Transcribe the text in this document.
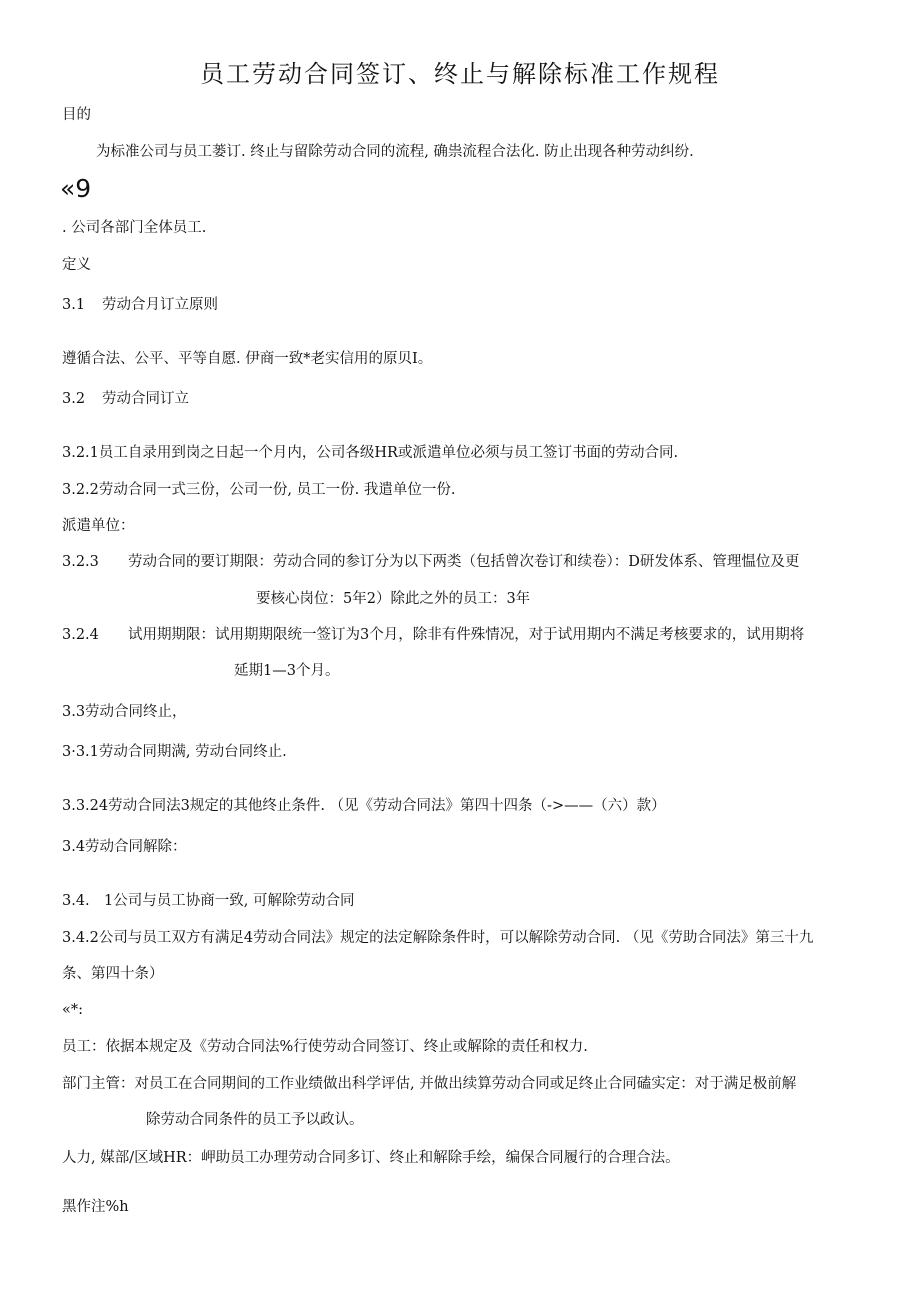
员工劳动合同签订、终止与解除标准工作规程
目的
为标准公司与员工蒌订. 终止与留除劳动合同的流程, 确祟流程合法化. 防止出现各种劳动纠纷.
«9
. 公司各部门全体员工.
定义
3.1 劳动合月订立原则
遵循合法、公平、平等自愿. 伊商一致*老实信用的原贝I。
3.2 劳动合同订立
3.2.1员工自录用到岗之日起一个月内，公司各级HR或派遣单位必须与员工签订书面的劳动合同.
3.2.2劳动合同一式三份，公司一份, 员工一份. 我遣单位一份.
派遣单位：
3.2.3 劳动合同的要订期限：劳动合同的参订分为以下两类（包括曾次卷订和续卷）：D研发体系、管理愠位及更
要核心岗位：5年2）除此之外的员工：3年
3.2.4 试用期期限：试用期期限统一签订为3个月，除非有件殊情况，对于试用期内不满足考核要求的，试用期将
延期1—3个月。
3.3劳动合同终止，
3·3.1劳动合同期满, 劳动台同终止.
3.3.24劳动合同法3规定的其他终止条件. （见《劳动合同法》第四十四条（->——（六）款）
3.4劳动合同解除：
3.4. 1公司与员工协商一致, 可解除劳动合同
3.4.2公司与员工双方有满足4劳动合同法》规定的法定解除条件时，可以解除劳动合同. （见《劳助合同法》第三十九
条、第四十条）
«*:
员工：依据本规定及《劳动合同法%行使劳动合同签订、终止或解除的责任和权力.
部门主管：对员工在合同期间的工作业绩做出科学评估, 并做出续算劳动合同或足终止合同磕实定：对于满足极前解
除劳动合同条件的员工予以政认。
人力, 媒部/区域HR：岬助员工办理劳动合同多订、终止和解除手绘，编保合同履行的合理合法。
黑作注%h
